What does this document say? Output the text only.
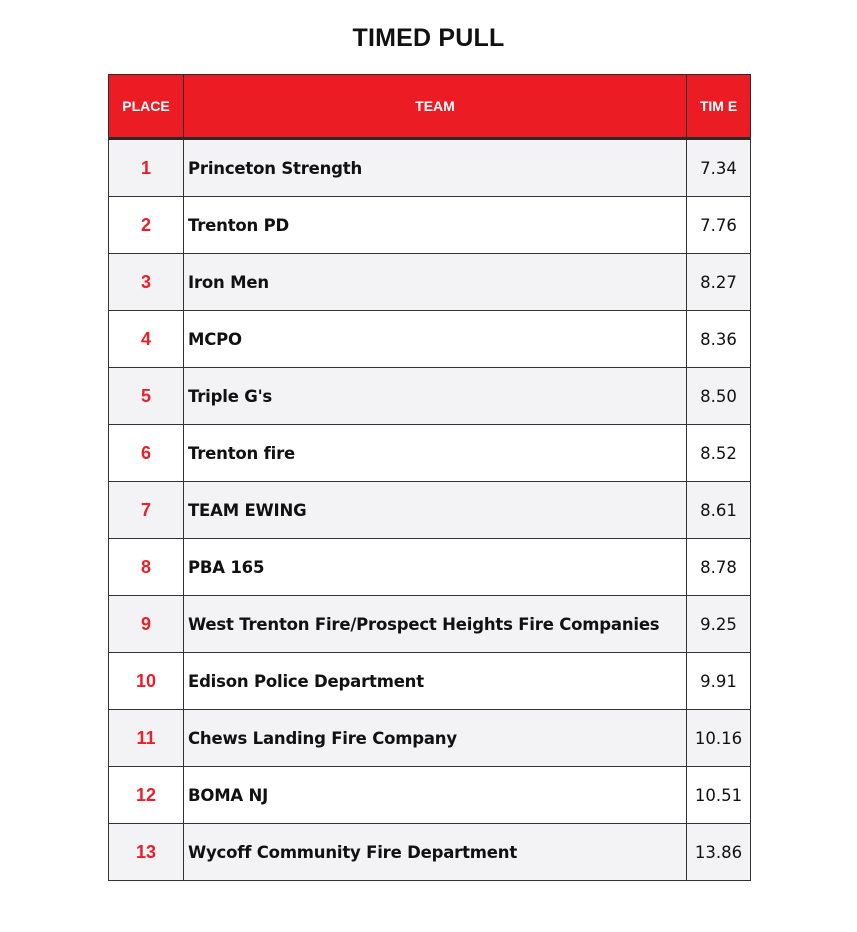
TIMED PULL
PLACE	TEAM	TIM E
1	Princeton Strength	7.34
2	Trenton PD	7.76
3	Iron Men	8.27
4	MCPO	8.36
5	Triple G's	8.50
6	Trenton fire	8.52
7	TEAM EWING	8.61
8	PBA 165	8.78
9	West Trenton Fire/Prospect Heights Fire Companies	9.25
10	Edison Police Department	9.91
11	Chews Landing Fire Company	10.16
12	BOMA NJ	10.51
13	Wycoff Community Fire Department	13.86
